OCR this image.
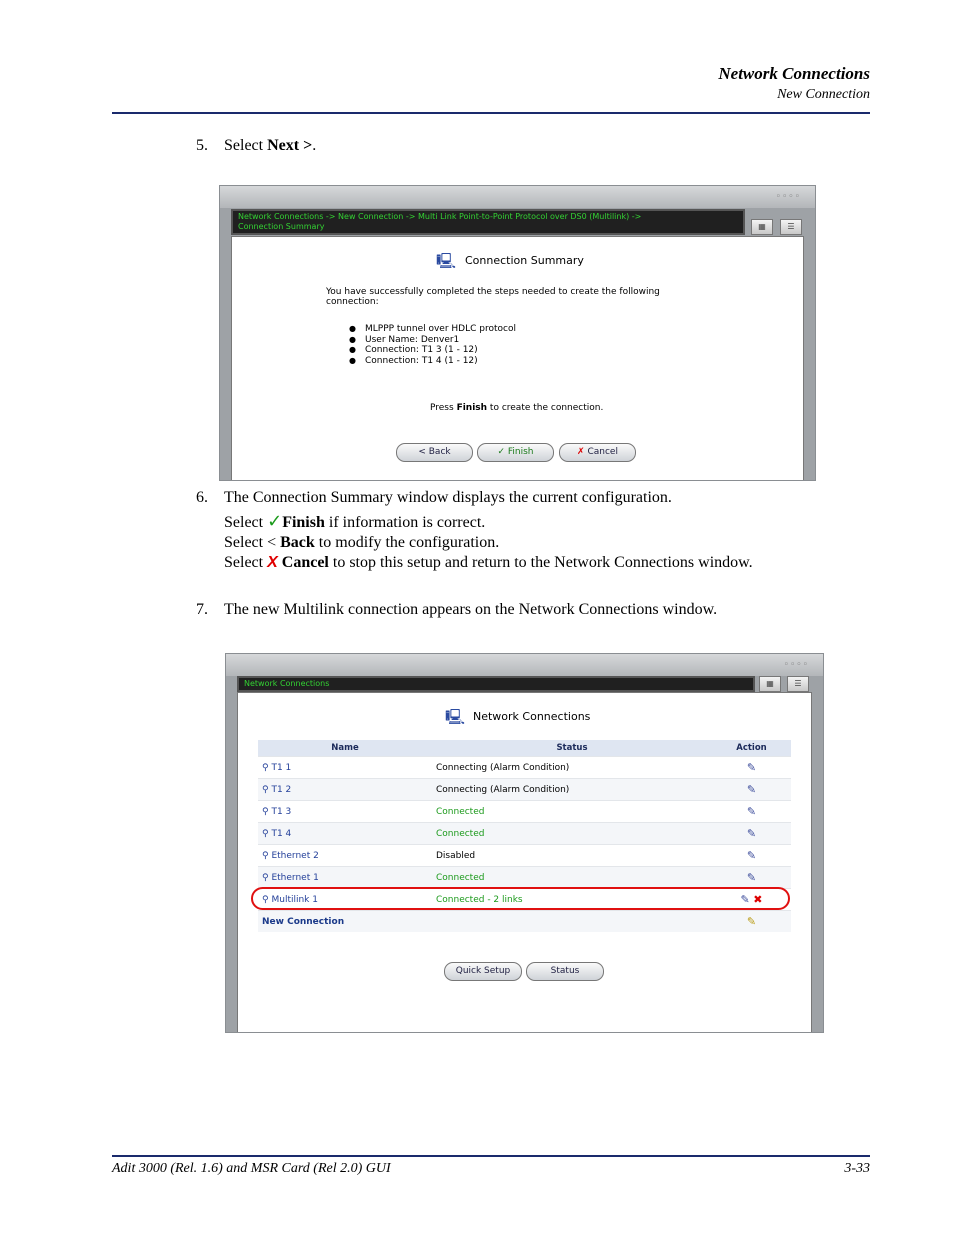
Network Connections
New Connection
5. Select Next >.
◦◦◦◦
Network Connections -> New Connection -> Multi Link Point-to-Point Protocol over DS0 (Multilink) ->
Connection Summary	▦	☰
🖳 Connection Summary
You have successfully completed the steps needed to create the following
connection:
● MLPPP tunnel over HDLC protocol
● User Name: Denver1
● Connection: T1 3 (1 - 12)
● Connection: T1 4 (1 - 12)
Press Finish to create the connection.
< Back	✓ Finish	✗ Cancel
6. The Connection Summary window displays the current configuration.
Select ✓Finish if information is correct.
Select < Back to modify the configuration.
Select X Cancel to stop this setup and return to the Network Connections window.
7. The new Multilink connection appears on the Network Connections window.
◦◦◦◦
Network Connections	▦	☰
🖳 Network Connections
Name	Status	Action
⚲ T1 1	Connecting (Alarm Condition)	✎
⚲ T1 2	Connecting (Alarm Condition)	✎
⚲ T1 3	Connected	✎
⚲ T1 4	Connected	✎
⚲ Ethernet 2	Disabled	✎
⚲ Ethernet 1	Connected	✎
⚲ Multilink 1	Connected - 2 links	✎ ✖
New Connection		✎
Quick Setup	Status
Adit 3000 (Rel. 1.6) and MSR Card (Rel 2.0) GUI	3-33
